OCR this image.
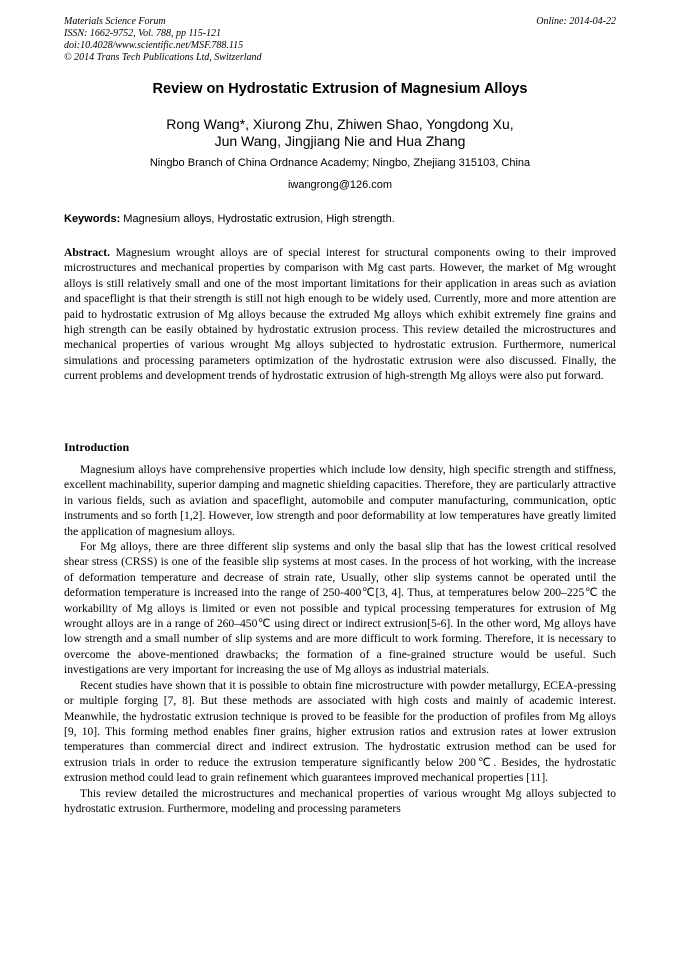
Materials Science Forum
ISSN: 1662-9752, Vol. 788, pp 115-121
doi:10.4028/www.scientific.net/MSF.788.115
© 2014 Trans Tech Publications Ltd, Switzerland
Online: 2014-04-22
Review on Hydrostatic Extrusion of Magnesium Alloys
Rong Wang*, Xiurong Zhu, Zhiwen Shao, Yongdong Xu,
Jun Wang, Jingjiang Nie and Hua Zhang
Ningbo Branch of China Ordnance Academy; Ningbo, Zhejiang 315103, China
iwangrong@126.com
Keywords: Magnesium alloys, Hydrostatic extrusion, High strength.

Abstract. Magnesium wrought alloys are of special interest for structural components owing to their improved microstructures and mechanical properties by comparison with Mg cast parts. However, the market of Mg wrought alloys is still relatively small and one of the most important limitations for their application in areas such as aviation and spaceflight is that their strength is still not high enough to be widely used. Currently, more and more attention are paid to hydrostatic extrusion of Mg alloys because the extruded Mg alloys which exhibit extremely fine grains and high strength can be easily obtained by hydrostatic extrusion process. This review detailed the microstructures and mechanical properties of various wrought Mg alloys subjected to hydrostatic extrusion. Furthermore, numerical simulations and processing parameters optimization of the hydrostatic extrusion were also discussed. Finally, the current problems and development trends of hydrostatic extrusion of high-strength Mg alloys were also put forward.

Introduction

Magnesium alloys have comprehensive properties which include low density, high specific strength and stiffness, excellent machinability, superior damping and magnetic shielding capacities. Therefore, they are particularly attractive in various fields, such as aviation and spaceflight, automobile and computer manufacturing, communication, optic instruments and so forth [1,2]. However, low strength and poor deformability at low temperatures have greatly limited the application of magnesium alloys.

For Mg alloys, there are three different slip systems and only the basal slip that has the lowest critical resolved shear stress (CRSS) is one of the feasible slip systems at most cases. In the process of hot working, with the increase of deformation temperature and decrease of strain rate, Usually, other slip systems cannot be operated until the deformation temperature is increased into the range of 250-400℃[3, 4]. Thus, at temperatures below 200–225℃ the workability of Mg alloys is limited or even not possible and typical processing temperatures for extrusion of Mg wrought alloys are in a range of 260–450℃ using direct or indirect extrusion[5-6]. In the other word, Mg alloys have low strength and a small number of slip systems and are more difficult to work forming. Therefore, it is necessary to overcome the above-mentioned drawbacks; the formation of a fine-grained structure would be useful. Such investigations are very important for increasing the use of Mg alloys as industrial materials.

Recent studies have shown that it is possible to obtain fine microstructure with powder metallurgy, ECEA-pressing or multiple forging [7, 8]. But these methods are associated with high costs and mainly of academic interest. Meanwhile, the hydrostatic extrusion technique is proved to be feasible for the production of profiles from Mg alloys [9, 10]. This forming method enables finer grains, higher extrusion ratios and extrusion rates at lower extrusion temperatures than commercial direct and indirect extrusion. The hydrostatic extrusion method can be used for extrusion trials in order to reduce the extrusion temperature significantly below 200℃. Besides, the hydrostatic extrusion method could lead to grain refinement which guarantees improved mechanical properties [11].

This review detailed the microstructures and mechanical properties of various wrought Mg alloys subjected to hydrostatic extrusion. Furthermore, modeling and processing parameters
